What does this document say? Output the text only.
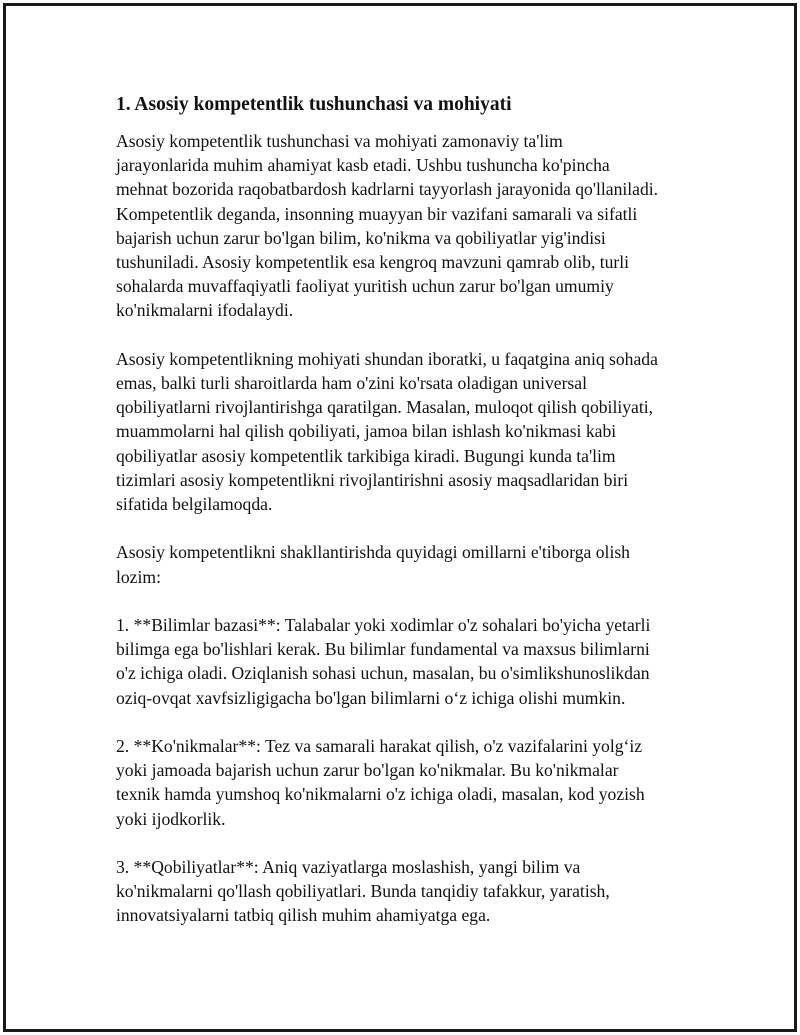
1. Asosiy kompetentlik tushunchasi va mohiyati

Asosiy kompetentlik tushunchasi va mohiyati zamonaviy ta'lim
jarayonlarida muhim ahamiyat kasb etadi. Ushbu tushuncha ko'pincha
mehnat bozorida raqobatbardosh kadrlarni tayyorlash jarayonida qo'llaniladi.
Kompetentlik deganda, insonning muayyan bir vazifani samarali va sifatli
bajarish uchun zarur bo'lgan bilim, ko'nikma va qobiliyatlar yig'indisi
tushuniladi. Asosiy kompetentlik esa kengroq mavzuni qamrab olib, turli
sohalarda muvaffaqiyatli faoliyat yuritish uchun zarur bo'lgan umumiy
ko'nikmalarni ifodalaydi.

Asosiy kompetentlikning mohiyati shundan iboratki, u faqatgina aniq sohada
emas, balki turli sharoitlarda ham o'zini ko'rsata oladigan universal
qobiliyatlarni rivojlantirishga qaratilgan. Masalan, muloqot qilish qobiliyati,
muammolarni hal qilish qobiliyati, jamoa bilan ishlash ko'nikmasi kabi
qobiliyatlar asosiy kompetentlik tarkibiga kiradi. Bugungi kunda ta'lim
tizimlari asosiy kompetentlikni rivojlantirishni asosiy maqsadlaridan biri
sifatida belgilamoqda.

Asosiy kompetentlikni shakllantirishda quyidagi omillarni e'tiborga olish
lozim:

1. **Bilimlar bazasi**: Talabalar yoki xodimlar o'z sohalari bo'yicha yetarli
bilimga ega bo'lishlari kerak. Bu bilimlar fundamental va maxsus bilimlarni
o'z ichiga oladi. Oziqlanish sohasi uchun, masalan, bu o'simlikshunoslikdan
oziq-ovqat xavfsizligigacha bo'lgan bilimlarni o‘z ichiga olishi mumkin.

2. **Ko'nikmalar**: Tez va samarali harakat qilish, o'z vazifalarini yolg‘iz
yoki jamoada bajarish uchun zarur bo'lgan ko'nikmalar. Bu ko'nikmalar
texnik hamda yumshoq ko'nikmalarni o'z ichiga oladi, masalan, kod yozish
yoki ijodkorlik.

3. **Qobiliyatlar**: Aniq vaziyatlarga moslashish, yangi bilim va
ko'nikmalarni qo'llash qobiliyatlari. Bunda tanqidiy tafakkur, yaratish,
innovatsiyalarni tatbiq qilish muhim ahamiyatga ega.
